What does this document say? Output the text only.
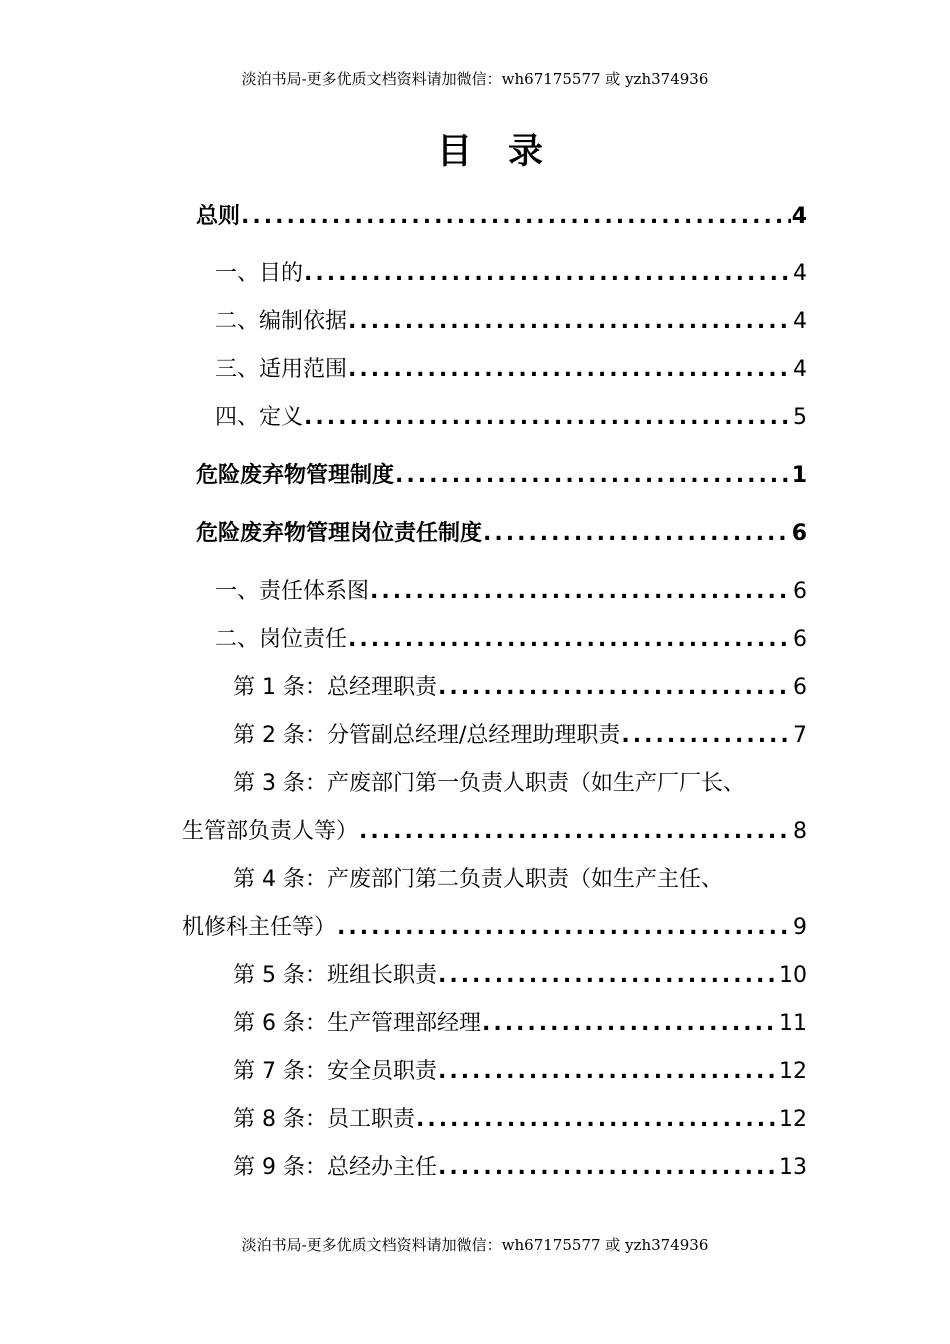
淡泊书局-更多优质文档资料请加微信：wh67175577 或 yzh374936
目录
总则 .....	4
一、目的 .....	4
二、编制依据 .....	4
三、适用范围 .....	4
四、定义 .....	5
危险废弃物管理制度 .....	1
危险废弃物管理岗位责任制度 .....	6
一、责任体系图 .....	6
二、岗位责任 .....	6
第 1 条：总经理职责 .....	6
第 2 条：分管副总经理/总经理助理职责 .....	7
第 3 条：产废部门第一负责人职责（如生产厂厂长、
生管部负责人等） .....	8
第 4 条：产废部门第二负责人职责（如生产主任、
机修科主任等） .....	9
第 5 条：班组长职责 .....	10
第 6 条：生产管理部经理 .....	11
第 7 条：安全员职责 .....	12
第 8 条：员工职责 .....	12
第 9 条：总经办主任 .....	13
淡泊书局-更多优质文档资料请加微信：wh67175577 或 yzh374936
